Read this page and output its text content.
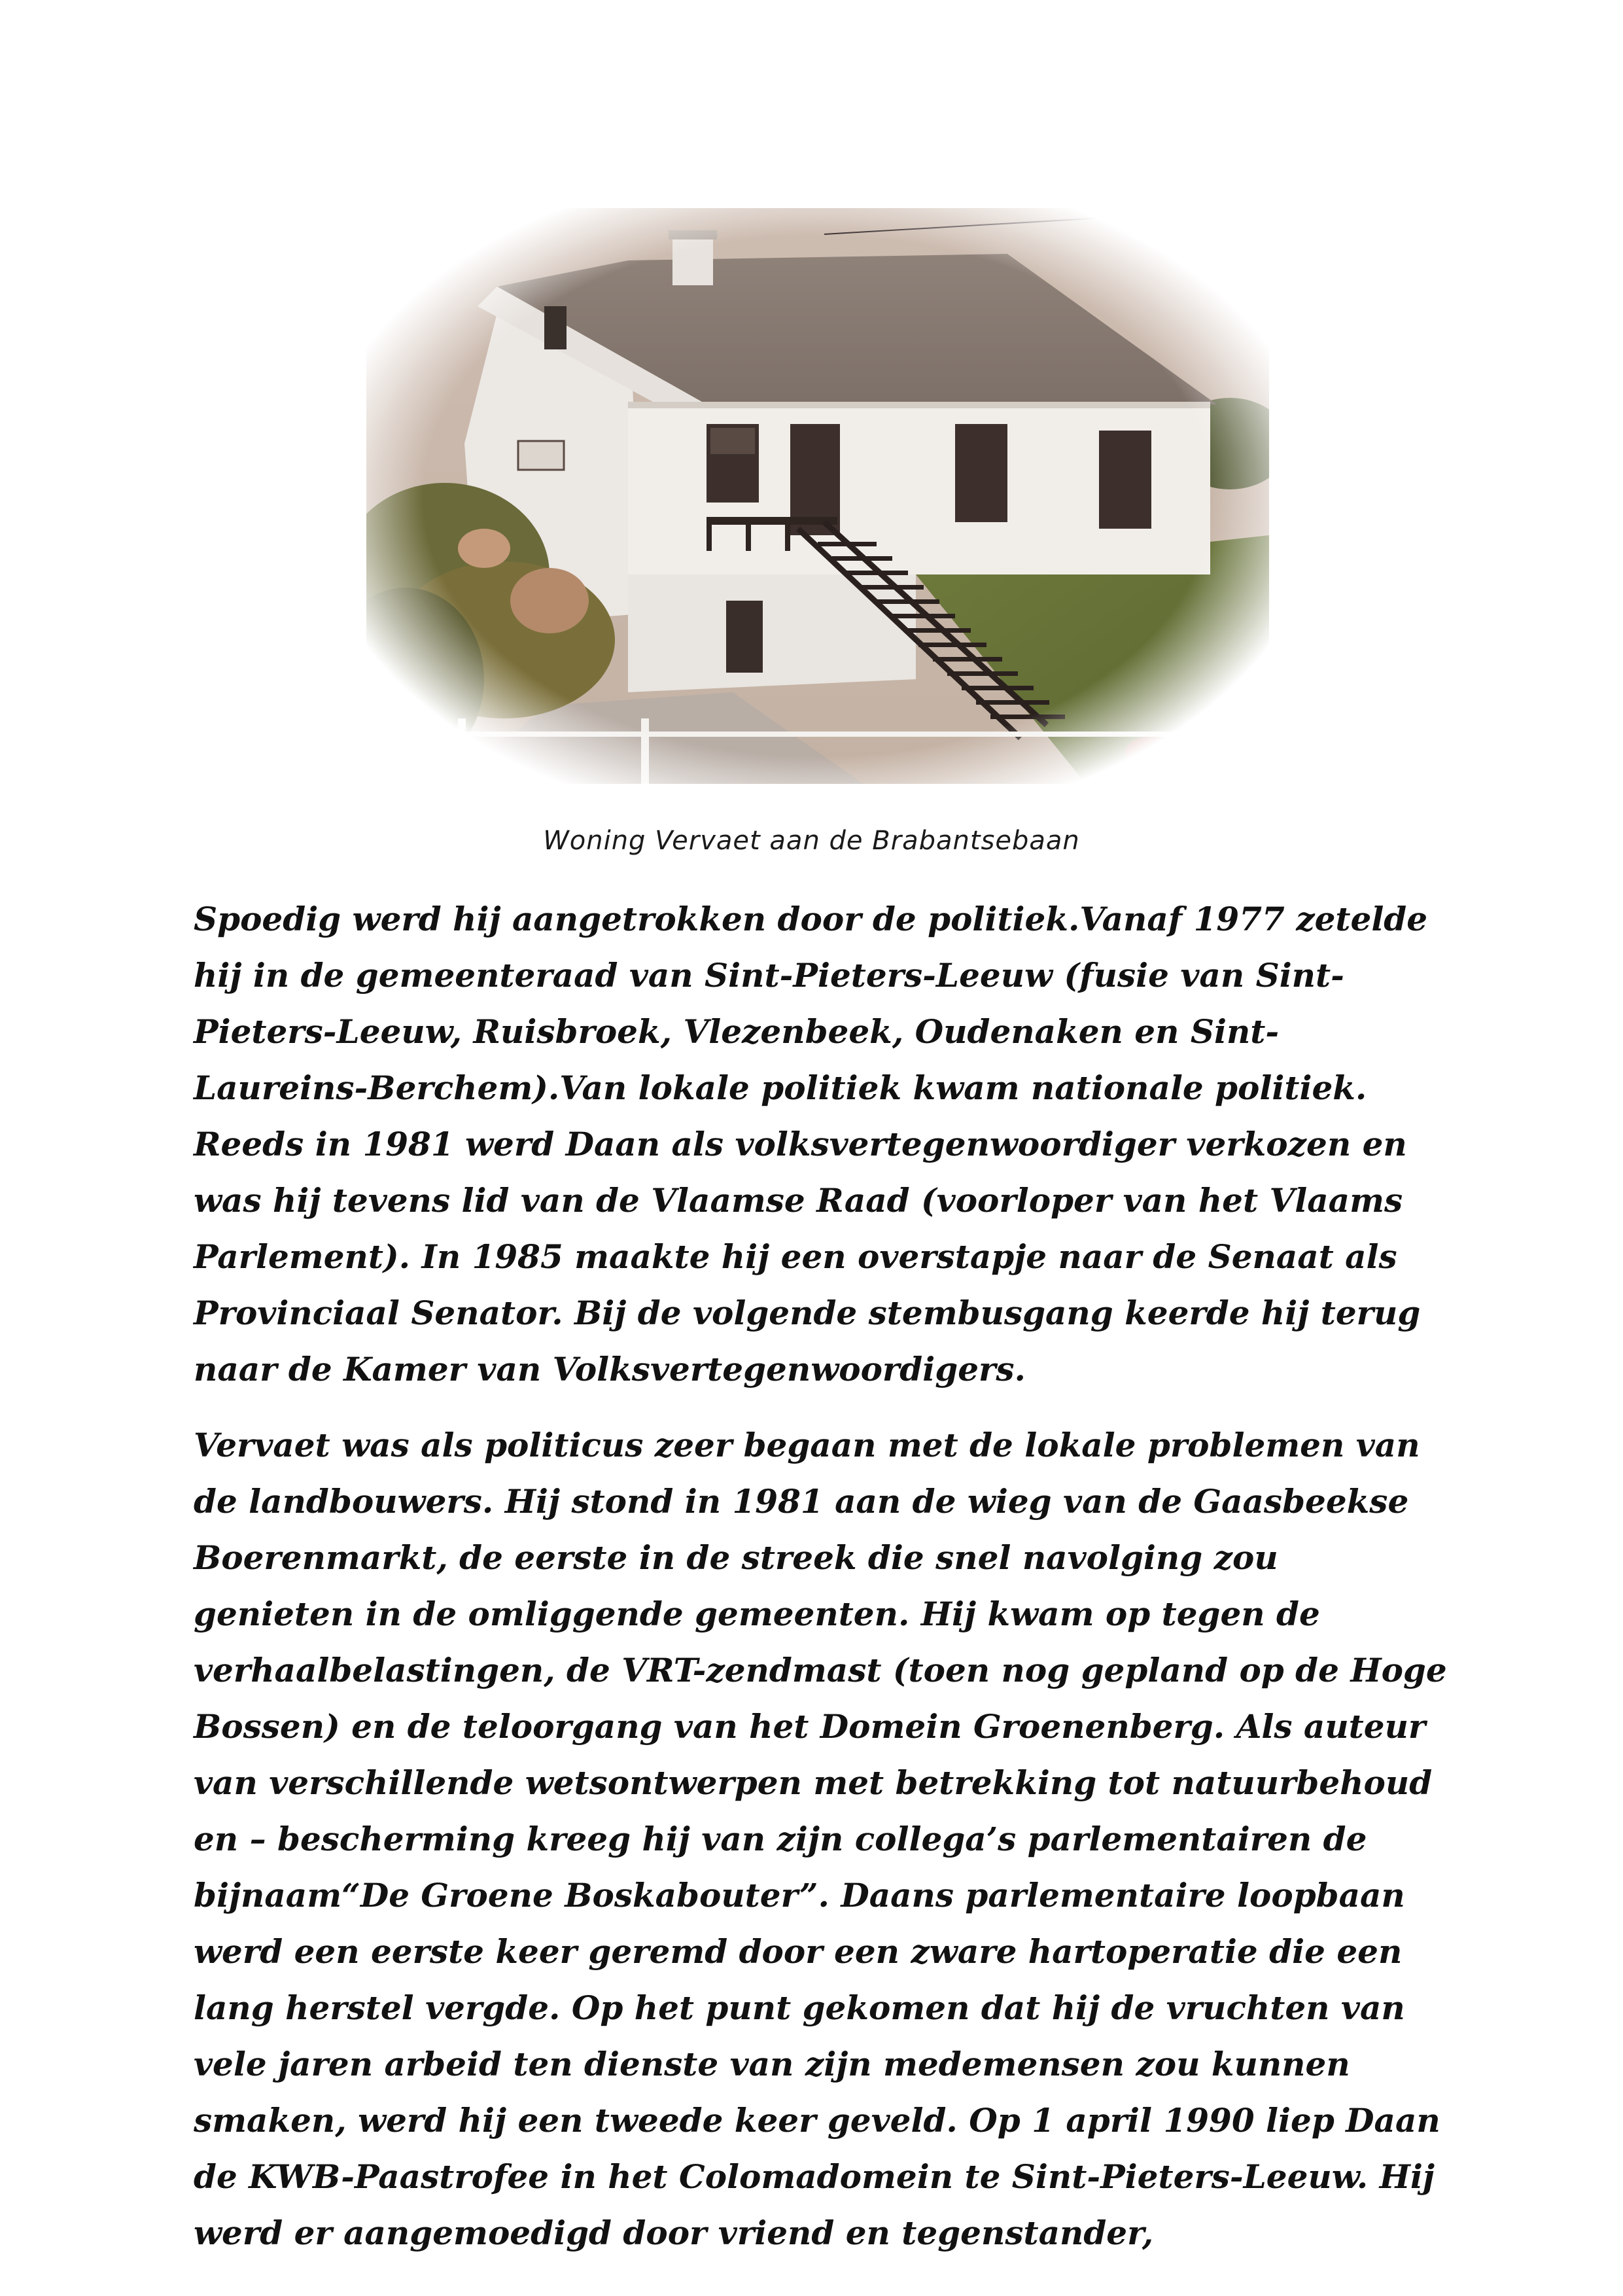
Woning Vervaet aan de Brabantsebaan

Spoedig werd hij aangetrokken door de politiek.Vanaf 1977 zetelde hij in de gemeenteraad van Sint-Pieters-Leeuw (fusie van Sint-Pieters-Leeuw, Ruisbroek, Vlezenbeek, Oudenaken en Sint-Laureins-Berchem).Van lokale politiek kwam nationale politiek. Reeds in 1981 werd Daan als volksvertegenwoordiger verkozen en was hij tevens lid van de Vlaamse Raad (voorloper van het Vlaams Parlement). In 1985 maakte hij een overstapje naar de Senaat als Provinciaal Senator. Bij de volgende stembusgang keerde hij terug naar de Kamer van Volksvertegenwoordigers.

Vervaet was als politicus zeer begaan met de lokale problemen van de landbouwers. Hij stond in 1981 aan de wieg van de Gaasbeekse Boerenmarkt, de eerste in de streek die snel navolging zou genieten in de omliggende gemeenten. Hij kwam op tegen de verhaalbelastingen, de VRT-zendmast (toen nog gepland op de Hoge Bossen) en de teloorgang van het Domein Groenenberg. Als auteur van verschillende wetsontwerpen met betrekking tot natuurbehoud en – bescherming kreeg hij van zijn collega’s parlementairen de bijnaam“De Groene Boskabouter”. Daans parlementaire loopbaan werd een eerste keer geremd door een zware hartoperatie die een lang herstel vergde. Op het punt gekomen dat hij de vruchten van vele jaren arbeid ten dienste van zijn medemensen zou kunnen smaken, werd hij een tweede keer geveld. Op 1 april 1990 liep Daan de KWB-Paastrofee in het Colomadomein te Sint-Pieters-Leeuw. Hij werd er aangemoedigd door vriend en tegenstander,
